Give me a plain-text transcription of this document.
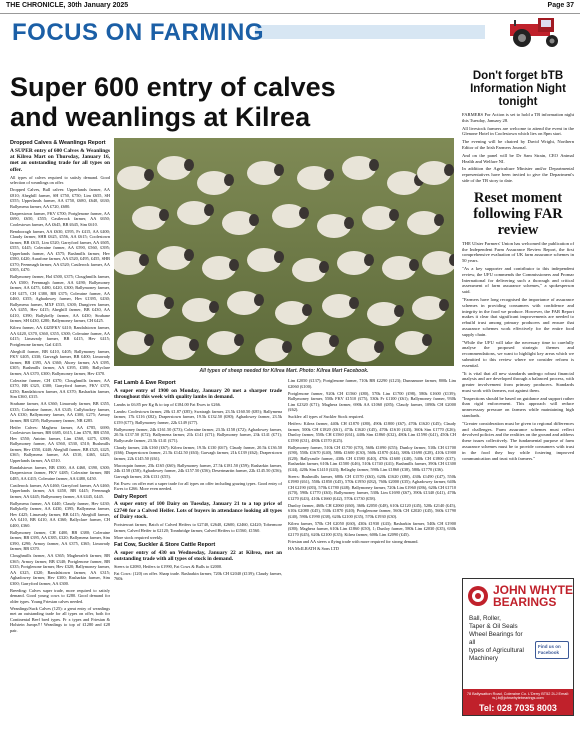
THE CHRONICLE, 30th January 2025	Page 37
FOCUS ON FARMING
Super 600 entry of calves and weanlings at Kilrea
Dropped Calves & Weanlings Report

A SUPER entry of 600 Calves & Weanlings at Kilrea Mart on Thursday, January 16, met an outstanding trade for all types on offer.

All types of calves required to satisfy demand. Good selection of weanlings on offer.

Dropped Calves, Bull calves: Upperlands farmer, AA £810; Aheghill farmer, SH £750, £750; Lim £655, SH £555; Upperlands farmer, AA £750, £680, £640, £630; Ballymena farmer, AA £720, £680.

Draperstown farmer, FKV £700; Portglenone farmer, AA £690, £650, £555; Castlerock farmer, AA £650; Coolestown farmer, AA £645, BB £645, Sim £610.

Bendooragh farmer, AA £630, £595, Fr £415, AA £400; Claudy farmer, SHB £625, £556, AA £615; Coolestown farmer, BB £615, Lim £520; Garryford farmer, AA £605, £555, £445; Coleraine farmer, AA £590, £560, £395; Upperlands farmer, AA £575; Bushmills farmer, Hev £580, £420; Aurafone farmer, AA £520, £495, £455, SHB £370; Feenmagh farmer, AA £520; Castlerock farmer, AA £505, £470.

Ballymoney farmer, Hol £500, £375; Cloughmills farmer, AA £500; Feenmagh farmer, AA £490; Ballymoney farmer, AA £475, £480, £420, £300; Ballymoney farmer, CH £475, CH £380, BB £375; Coleraine farmer, AA £460, £355; Aghadowey farmer, Hev £1395, £430; Ballymena farmer, MXF £535, £300; Dungiven farmer, AA £455, Hev £415; Aheghill farmer, BB £430, AA £410, £390; Ballykelly farmer, AA £430; Strabane farmer, SH £430, £280; Ballymoney farmer, CH £425.

Kilrea farmer, AA £425FKV £410; Randalstown farmer, AA £420, £370, £360, £355, £300; Coleraine farmer, AA £415; Limavady farmer, BB £415, Hev £415; Portglenone farmer, Gal £415.

Aheghill farmer, BB £410, £405; Ballymoney farmer, FKV £405, £330; Garvagh farmer, BB £400; Limavady farmer, BB £395, AA £360; Ahoey farmer, AA £395, £305; Bushmills farmer, AA £395, £300; Ballyclare farmer, AA £370, £300; Ballymoney farmer, Hev £370.

Coleraine farmer, CH £370; Cloughmills farmer, AA £370, BB £325, £300; Garryford farmer, FKV £370, £250; Randalstown farmer, AA £370; Rasharkin farmer, Sim £360, £315.

Strabane farmer, AA £360; Limavady farmer, BB £355, £335; Coleraine farmer, AA £345; Cullybackey farmer, AA £330; Ballymoney farmer, AA £300, £275; Armoy farmer, BB £295; Ballymoney farmer, NR £285.

Heifer Calves: Maghera farmer, AA £785, £690; Coolestown farmer, BB £685, £615, Lim £570, BB £550, Hev £550; Antrim farmer, Lim £560, £475, £390; Ballymoney farmer, AA £560, £530, £510; Bushmills farmer, Hev £550, £440; Aheghill farmer, BB £525, £425, £365; Ballymena farmer, AA £510, £465, £425; Upperlands farmer, AA £510.

Randalstown farmer, BB £500, AA £460, £390, £300; Draperstown farmer, FKV £485; Coleraine farmer, BB £485, AA £415; Coleraine farmer, AA £480, £450.

Castlerock farmer, AA £460; Garryford farmer, AA £460; Upperlands farmer, AA £450, BB £445; Feenmagh farmer, AA £445; Ballymoney farmer, AA £445, £445.

Ballymena farmer, AA £440; Claudy farmer, Hev £430; Ballykelly farmer, AA £430, £395; Ballymena farmer, Hev £425; Limavady farmer, BB £415; Aheghill farmer, AA £410, BB £410, AA £360; Ballyclare farmer, CH £400, £360.

Ballymoney farmer, CH £400, BB £380; Coleraine farmer, BB £395, AA £385, £320; Ballymena farmer, Sim £390, £290; Armoy farmer, AA £375, £365; Limavady farmer, BB £370.

Cloughmills farmer, AA £365; Magherafelt farmer, BB £365; Armoy farmer, BB £340; Portglenone farmer, BB £335; Portglenone farmer, Hev £320; Ballymoney farmer, AA £325, £320; Randalstown farmer, AA £315; Aghadowey farmer, Hev £300; Rasharkin farmer, Sim £300; Garryford farmer, AA £300.

Breeding: Calves super trade, more required to satisfy demand. Good young cows to £280. Good demand for older types. Young Friesian calves needed.

Weanlings/Suck Calves (125): a great entry of weanlings met an outstanding trade for all types on offer, both for Continental Beef bred types. Fr x types and Friesian & Holstein Jumps!!! Weanlings to top of £1280 and £28 pair.

All types of sheep needed for Kilrea Mart. Photo: Kilrea Mart Facebook.
Fat Lamb & Ewe Report

A super entry of 1900 on Monday, January 20 met a sharper trade throughout this week with quality lambs in demand.

Lambs to £6.85 per Kg & to top of £184.00 Fat Ewes to £266.

Lambs: Coolestown farmer, 20k £1.87 (£85); Swatragh farmer, 23.5k £160.50 (£85); Ballymena farmer, 17k £116 (£82); Draperstown farmer, 19.5k £132.50 (£80); Aghadowey farmer, 23.5k £159 (£77); Ballymoney farmer, 22k £149 (£77).

Ballymoney farmer, 24k £161.50 (£73); Coleraine farmer, 23.5k £158 (£72); Aghadowey farmer, 20.5k £137.50 (£72); Ballymena farmer, 21k £141 (£71); Ballymoney farmer, 23k £141 (£71); Ballycastle farmer, 23.5k £141 (£71).

Claudy farmer, 24k £160 (£67); Kilrea farmer, 19.5k £130 (£67); Claudy farmer, 20.5k £136.50 (£66); Draperstown farmer, 21.5k £142.50 (£63); Garvagh farmer, 21k £139 (£62); Draperstown farmer, 22k £145.50 (£61).

Macosquin farmer, 25k £165 (£60); Ballymoney farmer, 27.5k £181.50 (£59); Rasharkin farmer, 24k £158 (£58); Aghadowey farmer, 24k £157.50 (£56); Desertmartin farmer, 22k £145.50 (£56); Garvagh farmer, 20k £131 (£55).

Fat Ewes: on offer met a super trade for all types on offer including grazing types. Good entry of Ewes to £266. More even needed.

Dairy Report

A super entry of 100 Dairy on Tuesday, January 21 to a top price of £2740 for a Calved Heifer. Lots of buyers in attendance looking all types of Dairy stock.

Portstewart farmer, Batch of Calved Heifers to £2740, £2640, £2600, £2460, £2420; Tobermore farmer, Calved Heifer to £2120; Tonnbridge farmer, Calved Heifers to £1560, £1560.

More stock required weekly.

Fat Cow, Suckler & Store Cattle Report

A super entry of 430 on Wednesday, January 22 at Kilrea, met an outstanding trade with all types of stock in demand.

Steers to £2080, Heifers to £1990, Fat Cows & Bulls to £2000.

Fat Cows: (120) on offer. Sharp trade. Rasharkin farmer, 720k CH £2040 (£139); Claudy farmer, 760k

Lim £2050 (£137); Portglenone farmer, 710k BB £2290 (£123); Dunnamore farmer, 800k Lim £2060 (£100).

Portglenone farmer, 920k CH £1560 (£80), 570k Lim £1700 (£98), 580k £1600 (£139); Ballymoney farmer, 550k FKV £1510 (£75), 530k Fr £1100 (£61); Ballymoney farmer, 930k Lim £2320 (£71); Maghera farmer, 690k AA £1060 (£85); Claudy farmer, 1090k CH £2000 (£62).

Suckler: all types of Suckler Stock required.

Heifers: Kilrea farmer, 440k CH £1870 (£80), 490k £1800 (£67), 470k £1620 (£45); Claudy farmer, 500k CH £1820 (£61), 473k £1620 (£45), 470k £1610 (£43), 360k Sim £1770 (£26); Dunloy farmer, 550k CH £1560 (£61), 440k Sim £1860 (£32), 480k Lim £1590 (£41), 450k CH £1590 (£31), 480k £1570 (£25).

Ballymoney farmer, 510k CH £1750 (£70), 560k £1090 (£55); Dunloy farmer, 510k CH £1700 (£90), 550k £1670 (£40), 580k £1600 (£30), 560k £1870 (£44), 380k £1690 (£28), 410k £1900 (£20); Ballycastle farmer, 430k CH £1580 (£40), 470k £1600 (£40), 540k CH £1800 (£37); Rasharkin farmer, 610k Lim £1500 (£46), 510k £1740 (£41); Bushmills farmer, 390k CH £1300 (£44), 420k Sim £1410 (£43); Bellaghy farmer, 590k Lim £1860 (£38), 580k £1770 (£36).

Steers: Bushmills farmer, 680k CH £1570 (£63), 620k £1620 (£80), 430k £1490 (£47), 550k £1980 (£61), 550k £1850 (£45), 570k £1950 (£82), 760k £2000 (£35); Aghadowey farmer, 640k CH £2190 (£83), 570k £1780 (£48); Ballymoney farmer, 720k Lim £1960 (£86), 620k CH £1710 (£70), 590k £1770 (£63); Ballymoney farmer, 530k Lim £1690 (£67), 390k £1340 (£41), 470k £1270 (£43), 410k £1660 (£42), 570k £1730 (£58).

Dunloy farmer, 460k CH £2060 (£60), 360k £2050 (£48), 610k £2120 (£45), 520k £2140 (£45), 610k £2080 (£45), 530k £1870 (£40); Portglenone farmer, 560k CH £2020 (£45), 560k £1790 (£40), 590k £1990 (£38), 620k £2100 (£35), 570k £1930 (£30).

Kilrea farmer, 570k CH £2050 (£60), 430k £1930 (£43); Rasharkin farmer, 540k CH £1900 (£80); Maghera farmer, 610k Lim £1860 (£50), 1; Dunloy farmer, 580k Lim £2030 (£35), 630k £2170 (£45), 620k £2100 (£35); Kilrea farmer, 600k Lim £2090 (£45).

Friesian and AA steers a flying trade with more required for strong demand.

HA McILRATH & Sons LTD

Don't forget bTB Information Night tonight

FARMERS For Action is set to hold a TB information night this Tuesday, January 28.

All livestock farmers are welcome to attend the event in the Glenone Hotel in Coolestown which lies on 8pm start.

The evening will be chaired by David Wright, Northern Editor of the Irish Farmers Journal.

And on the panel will be Dr Sam Strain, CEO Animal Health and Welfare NI.

In addition the Agriculture Minister and/or Departmental representatives have been invited to give the Department's side of the TB story to date.

Reset moment following FAR review

THE Ulster Farmers' Union has welcomed the publication of the Independent Farm Assurance Review Report, the first comprehensive evaluation of UK farm assurance schemes in 50 years.

"As a key supporter and contributor to this independent review, the UFU commends the Commissioners and Promar International for delivering such a thorough and critical assessment of farm assurance schemes," a spokesperson said.

"Farmers have long recognised the importance of assurance schemes in providing consumers with confidence and integrity in the food we produce. However, the FAR Report makes it clear that significant improvements are needed to rebuild trust among primary producers and ensure that assurance schemes work effectively for the entire food supply chain.

"While the UFU will take the necessary time to carefully analyse the proposed strategic themes and recommendations, we want to highlight key areas which we submitted to this review where we consider reform is essential.

"It is vital that all new standards undergo robust financial analysis and are developed through a balanced process, with greater involvement from primary producers. Standards must work with farmers, not against them.

"Inspections should be based on guidance and support rather than rigid enforcement. This approach will reduce unnecessary pressure on farmers while maintaining high standards.

"Greater consideration must be given to regional differences and challenges. Farm assurance schemes must reflect devolved policies and the realities on the ground and address these issues collectively. The fundamental purpose of farm assurance schemes must be to provide consumers with trust in the food they buy while fostering improved communication and trust with farmers."

JOHN WHYTE BEARINGS
Ball, Roller,
Taper & Oil Seals
Wheel Bearings for all
types of Agricultural
Machinery
Find us on Facebook
78 Ballywatton Road, Coleraine Co. L'Derry BT52 2LJ Email: w.j.b@johnwhytebearings.com
Tel: 028 7035 8003
